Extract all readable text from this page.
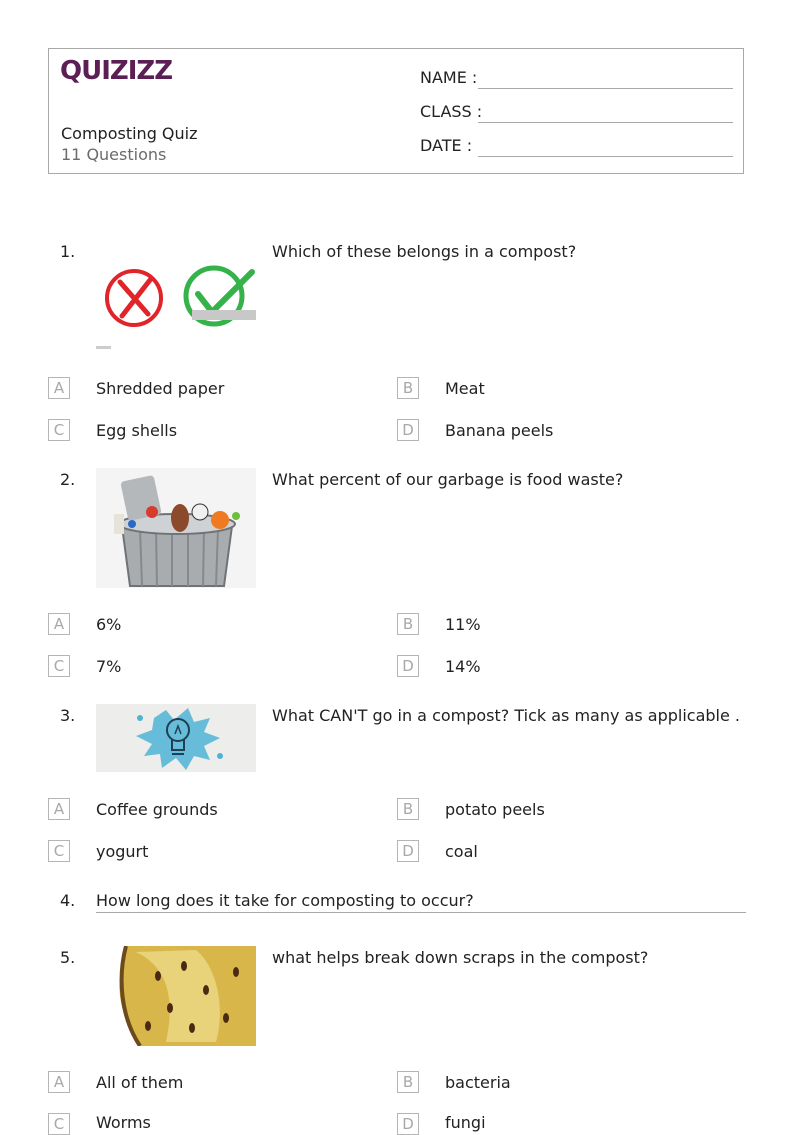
QUIZIZZ
Composting Quiz
11 Questions
NAME :
CLASS :
DATE :
1.	Which of these belongs in a compost?
A	Shredded paper	B	Meat
C	Egg shells	D	Banana peels
2.	What percent of our garbage is food waste?
A	6%	B	11%
C	7%	D	14%
3.	What CAN'T go in a compost? Tick as many as applicable .
A	Coffee grounds	B	potato peels
C	yogurt	D	coal
4. How long does it take for composting to occur?
5.	what helps break down scraps in the compost?
A	All of them	B	bacteria
C	Worms	D	fungi
